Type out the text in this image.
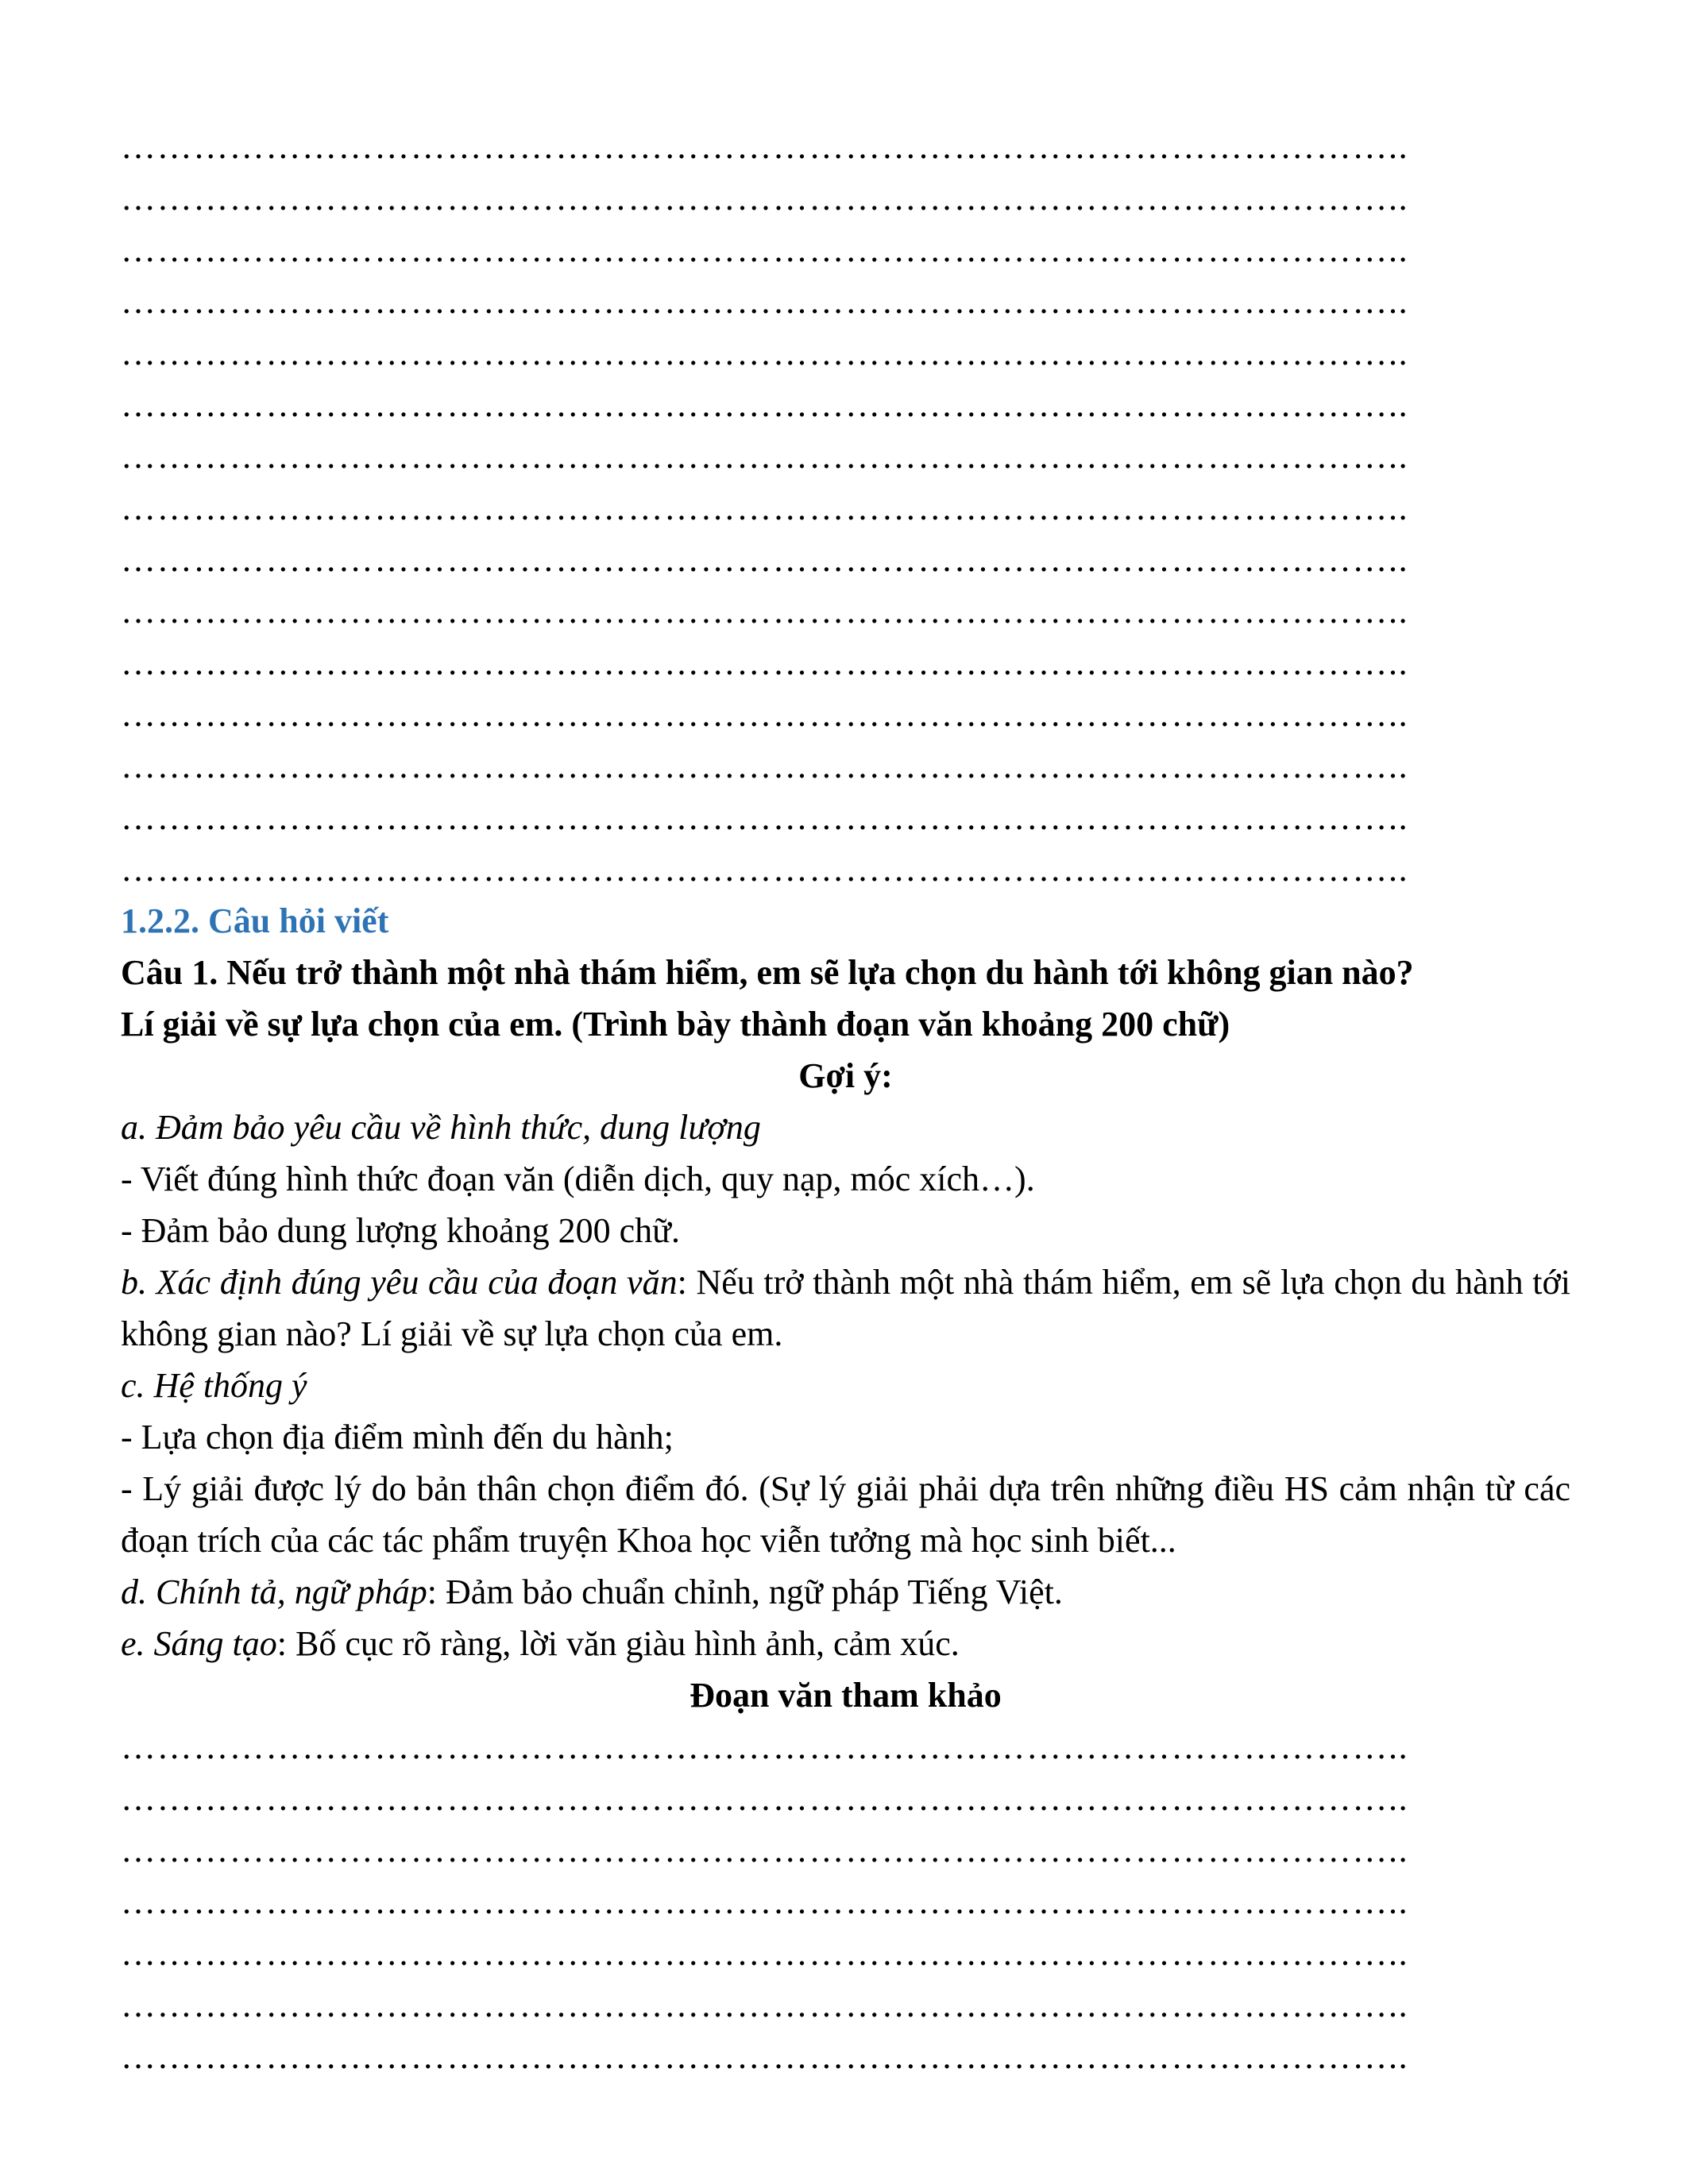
……………………………………………………………………………………………..
……………………………………………………………………………………………..
……………………………………………………………………………………………..
……………………………………………………………………………………………..
……………………………………………………………………………………………..
……………………………………………………………………………………………..
……………………………………………………………………………………………..
……………………………………………………………………………………………..
……………………………………………………………………………………………..
……………………………………………………………………………………………..
……………………………………………………………………………………………..
……………………………………………………………………………………………..
……………………………………………………………………………………………..
……………………………………………………………………………………………..
……………………………………………………………………………………………..

1.2.2. Câu hỏi viết

Câu 1. Nếu trở thành một nhà thám hiểm, em sẽ lựa chọn du hành tới không gian nào?

Lí giải về sự lựa chọn của em. (Trình bày thành đoạn văn khoảng 200 chữ)

Gợi ý:

a. Đảm bảo yêu cầu về hình thức, dung lượng

- Viết đúng hình thức đoạn văn (diễn dịch, quy nạp, móc xích…).

- Đảm bảo dung lượng khoảng 200 chữ.

b. Xác định đúng yêu cầu của đoạn văn: Nếu trở thành một nhà thám hiểm, em sẽ lựa chọn du hành tới không gian nào? Lí giải về sự lựa chọn của em.

c. Hệ thống ý

- Lựa chọn địa điểm mình đến du hành;

- Lý giải được lý do bản thân chọn điểm đó. (Sự lý giải phải dựa trên những điều HS cảm nhận từ các đoạn trích của các tác phẩm truyện Khoa học viễn tưởng mà học sinh biết...

d. Chính tả, ngữ pháp: Đảm bảo chuẩn chỉnh, ngữ pháp Tiếng Việt.

e. Sáng tạo: Bố cục rõ ràng, lời văn giàu hình ảnh, cảm xúc.

Đoạn văn tham khảo

……………………………………………………………………………………………..
……………………………………………………………………………………………..
……………………………………………………………………………………………..
……………………………………………………………………………………………..
……………………………………………………………………………………………..
……………………………………………………………………………………………..
……………………………………………………………………………………………..
